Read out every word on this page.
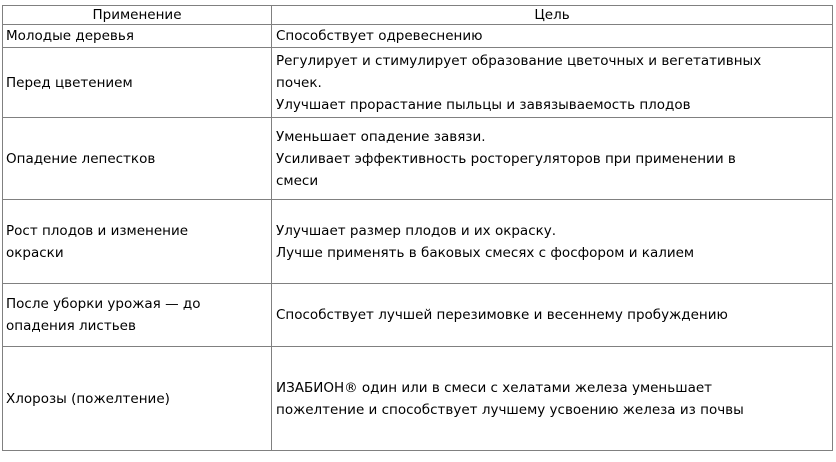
Применение	Цель

Молодые деревья	Способствует одревеснению

Перед цветением	Регулирует и стимулирует образование цветочных и вегетативных
почек.
Улучшает прорастание пыльцы и завязываемость плодов

Опадение лепестков	Уменьшает опадение завязи.
Усиливает эффективность росторегуляторов при применении в
смеси

Рост плодов и изменение
окраски	Улучшает размер плодов и их окраску.
Лучше применять в баковых смесях с фосфором и калием

После уборки урожая — до
опадения листьев	Способствует лучшей перезимовке и весеннему пробуждению

Хлорозы (пожелтение)	ИЗАБИОН® один или в смеси с хелатами железа уменьшает
пожелтение и способствует лучшему усвоению железа из почвы
